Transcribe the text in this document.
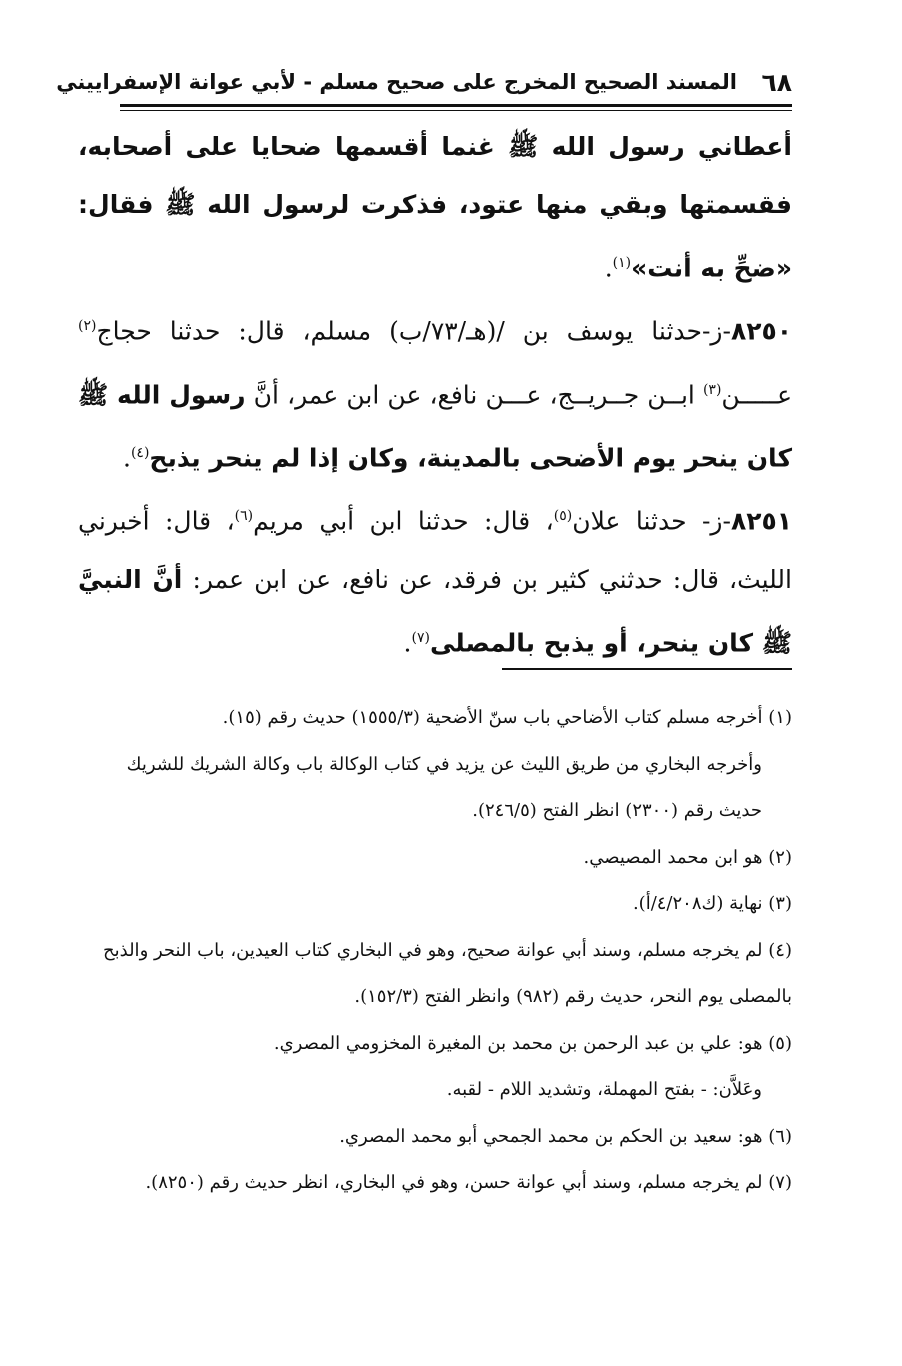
٦٨
المسند الصحيح المخرج على صحيح مسلم - لأبي عوانة الإسفراييني

أعطاني رسول الله ﷺ غنما أقسمها ضحايا على أصحابه، فقسمتها وبقي منها عتود، فذكرت لرسول الله ﷺ فقال: «ضحِّ به أنت»$^{(١)}$.

٨٢٥٠-ز-حدثنا يوسف بن /(هـ/٧٣/ب) مسلم، قال: حدثنا حجاج$^{(٢)}$ عـــــن$^{(٣)}$ ابــن جــريــج، عـــن نافع، عن ابن عمر، أنَّ رسول الله ﷺ كان ينحر يوم الأضحى بالمدينة، وكان إذا لم ينحر يذبح$^{(٤)}$.

٨٢٥١-ز- حدثنا علان$^{(٥)}$، قال: حدثنا ابن أبي مريم$^{(٦)}$، قال: أخبرني الليث، قال: حدثني كثير بن فرقد، عن نافع، عن ابن عمر: أنَّ النبيَّ ﷺ كان ينحر، أو يذبح بالمصلى$^{(٧)}$.

(١) أخرجه مسلم كتاب الأضاحي باب سنّ الأضحية (١٥٥٥/٣) حديث رقم (١٥).

وأخرجه البخاري من طريق الليث عن يزيد في كتاب الوكالة باب وكالة الشريك للشريك حديث رقم (٢٣٠٠) انظر الفتح (٢٤٦/٥).

(٢) هو ابن محمد المصيصي.

(٣) نهاية (ك٤/٢٠٨/أ).

(٤) لم يخرجه مسلم، وسند أبي عوانة صحيح، وهو في البخاري كتاب العيدين، باب النحر والذبح بالمصلى يوم النحر، حديث رقم (٩٨٢) وانظر الفتح (١٥٢/٣).

(٥) هو: علي بن عبد الرحمن بن محمد بن المغيرة المخزومي المصري.

وعَلاَّن: - بفتح المهملة، وتشديد اللام - لقبه.

(٦) هو: سعيد بن الحكم بن محمد الجمحي أبو محمد المصري.

(٧) لم يخرجه مسلم، وسند أبي عوانة حسن، وهو في البخاري، انظر حديث رقم (٨٢٥٠).
